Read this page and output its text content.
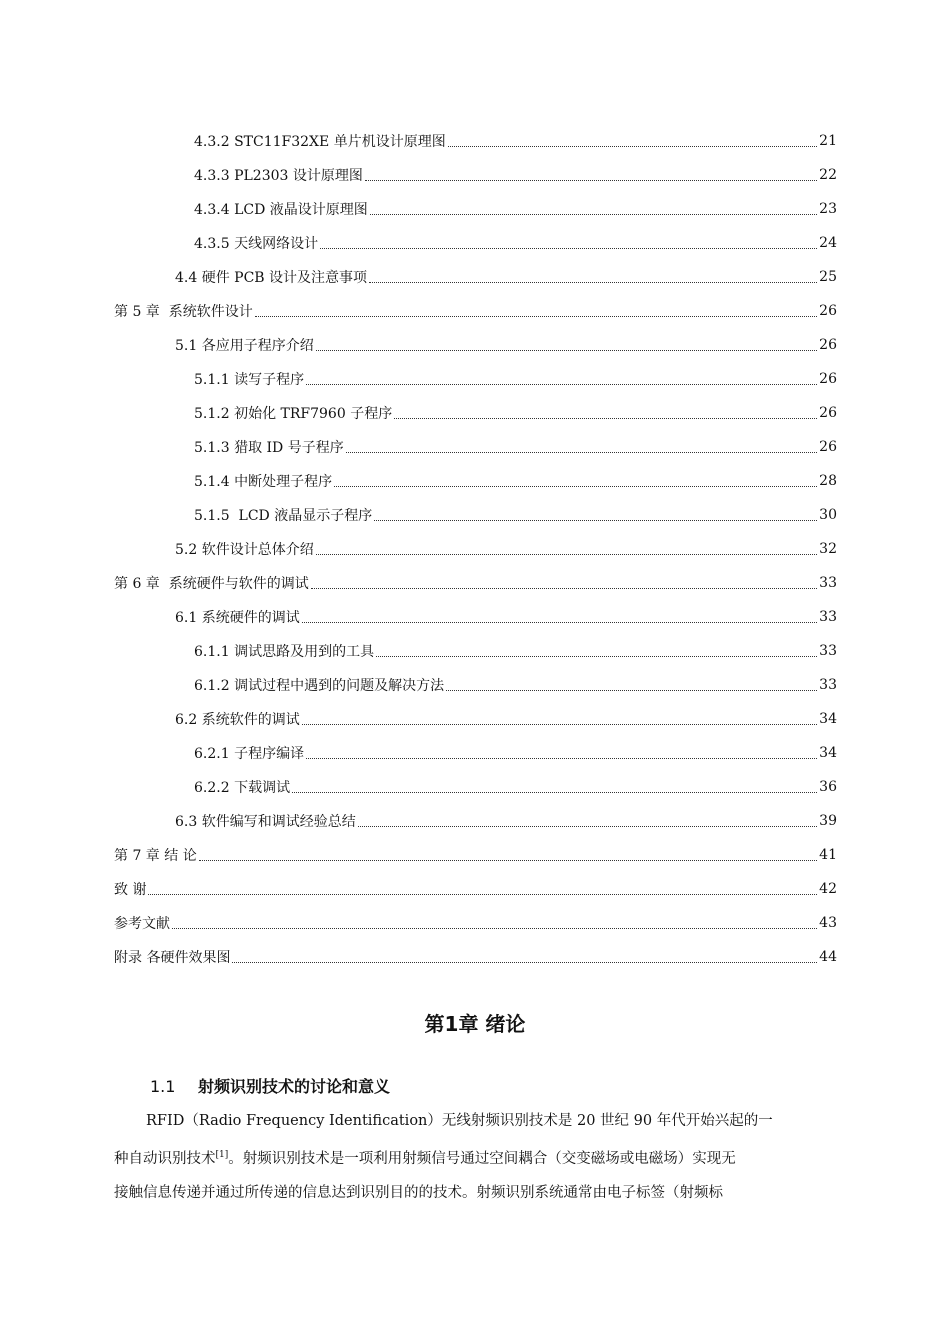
4.3.2 STC11F32XE 单片机设计原理图	21
4.3.3 PL2303 设计原理图	22
4.3.4 LCD 液晶设计原理图	23
4.3.5 天线网络设计	24
4.4 硬件 PCB 设计及注意事项	25
第 5 章  系统软件设计	26
5.1 各应用子程序介绍	26
5.1.1 读写子程序	26
5.1.2 初始化 TRF7960 子程序	26
5.1.3 猎取 ID 号子程序	26
5.1.4 中断处理子程序	28
5.1.5  LCD 液晶显示子程序	30
5.2 软件设计总体介绍	32
第 6 章  系统硬件与软件的调试	33
6.1 系统硬件的调试	33
6.1.1 调试思路及用到的工具	33
6.1.2 调试过程中遇到的问题及解决方法	33
6.2 系统软件的调试	34
6.2.1 子程序编译	34
6.2.2 下载调试	36
6.3 软件编写和调试经验总结	39
第 7 章 结 论	41
致 谢	42
参考文献	43
附录 各硬件效果图	44
第1章 绪论
1.1 射频识别技术的讨论和意义
RFID（Radio Frequency Identification）无线射频识别技术是 20 世纪 90 年代开始兴起的一
种自动识别技术[1]。射频识别技术是一项利用射频信号通过空间耦合（交变磁场或电磁场）实现无
接触信息传递并通过所传递的信息达到识别目的的技术。射频识别系统通常由电子标签（射频标
